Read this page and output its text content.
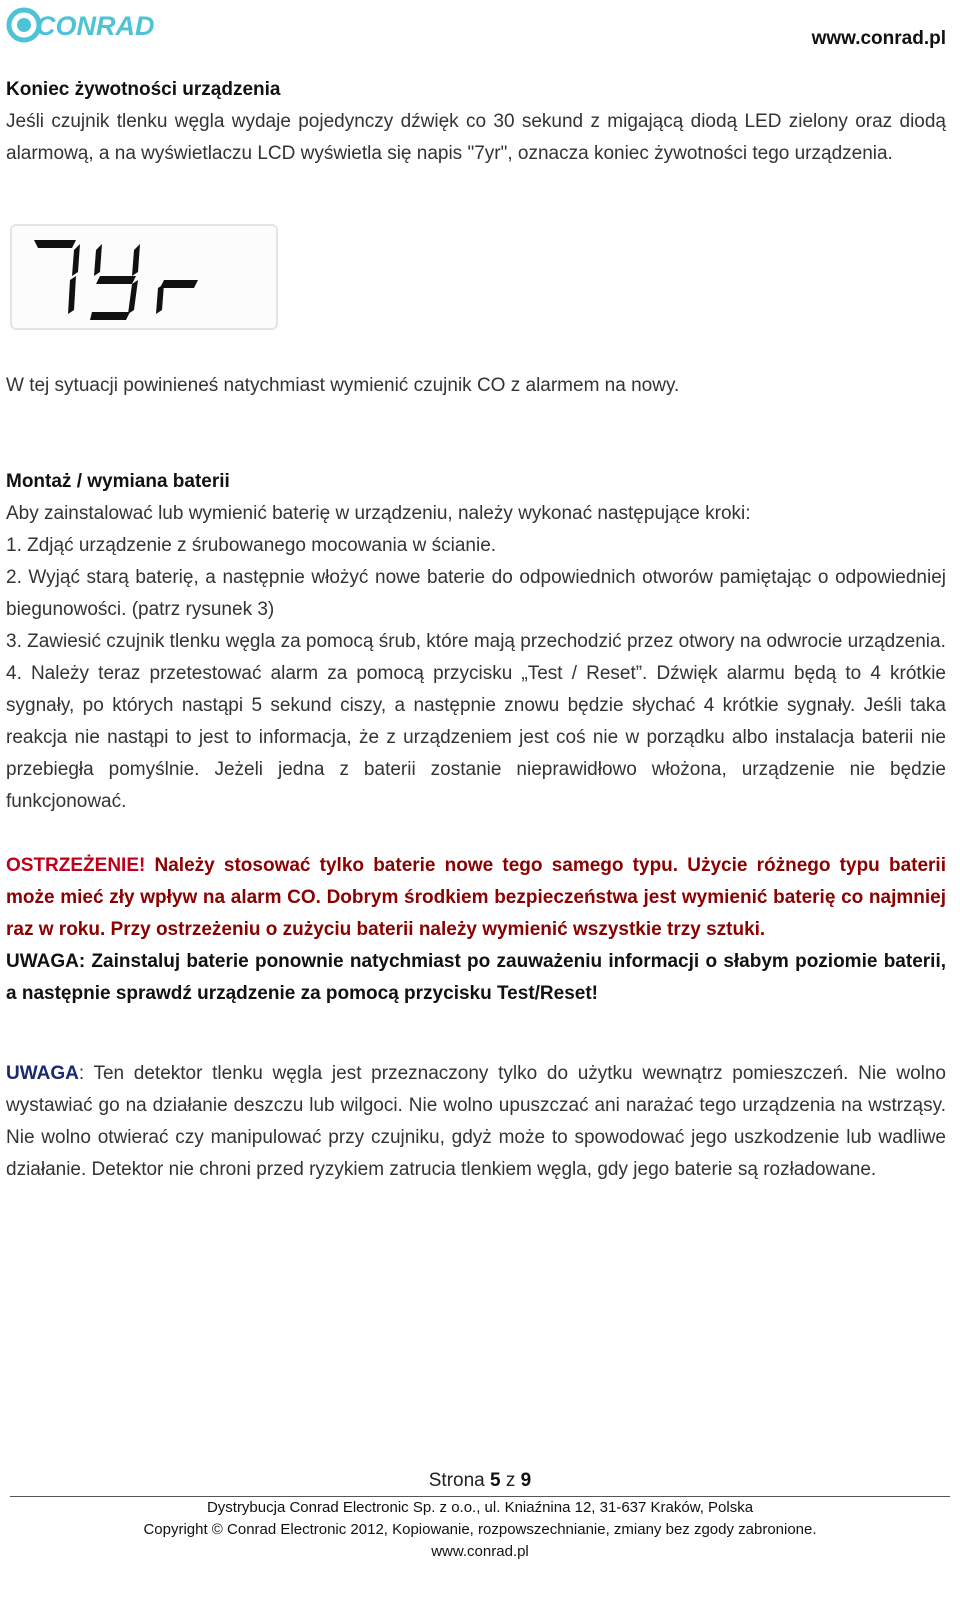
CONRAD	www.conrad.pl

Koniec żywotności urządzenia

Jeśli czujnik tlenku węgla wydaje pojedynczy dźwięk co 30 sekund z migającą diodą LED zielony oraz diodą alarmową, a na wyświetlaczu LCD wyświetla się napis "7yr", oznacza koniec żywotności tego urządzenia.

W tej sytuacji powinieneś natychmiast wymienić czujnik CO z alarmem na nowy.

Montaż / wymiana baterii

Aby zainstalować lub wymienić baterię w urządzeniu, należy wykonać następujące kroki:

1. Zdjąć urządzenie z śrubowanego mocowania w ścianie.

2. Wyjąć starą baterię, a następnie włożyć nowe baterie do odpowiednich otworów pamiętając o odpowiedniej biegunowości. (patrz rysunek 3)

3. Zawiesić czujnik tlenku węgla za pomocą śrub, które mają przechodzić przez otwory na odwrocie urządzenia.

4. Należy teraz przetestować alarm za pomocą przycisku „Test / Reset”. Dźwięk alarmu będą to 4 krótkie sygnały, po których nastąpi 5 sekund ciszy, a następnie znowu będzie słychać 4 krótkie sygnały. Jeśli taka reakcja nie nastąpi to jest to informacja, że z urządzeniem jest coś nie w porządku albo instalacja baterii nie przebiegła pomyślnie. Jeżeli jedna z baterii zostanie nieprawidłowo włożona, urządzenie nie będzie funkcjonować.

OSTRZEŻENIE! Należy stosować tylko baterie nowe tego samego typu. Użycie różnego typu baterii może mieć zły wpływ na alarm CO. Dobrym środkiem bezpieczeństwa jest wymienić baterię co najmniej raz w roku. Przy ostrzeżeniu o zużyciu baterii należy wymienić wszystkie trzy sztuki.

UWAGA: Zainstaluj baterie ponownie natychmiast po zauważeniu informacji o słabym poziomie baterii, a następnie sprawdź urządzenie za pomocą przycisku Test/Reset!

UWAGA: Ten detektor tlenku węgla jest przeznaczony tylko do użytku wewnątrz pomieszczeń. Nie wolno wystawiać go na działanie deszczu lub wilgoci. Nie wolno upuszczać ani narażać tego urządzenia na wstrząsy. Nie wolno otwierać czy manipulować przy czujniku, gdyż może to spowodować jego uszkodzenie lub wadliwe działanie. Detektor nie chroni przed ryzykiem zatrucia tlenkiem węgla, gdy jego baterie są rozładowane.

Strona 5 z 9
Dystrybucja Conrad Electronic Sp. z o.o., ul. Kniaźnina 12, 31-637 Kraków, Polska
Copyright © Conrad Electronic 2012, Kopiowanie, rozpowszechnianie, zmiany bez zgody zabronione.
www.conrad.pl
